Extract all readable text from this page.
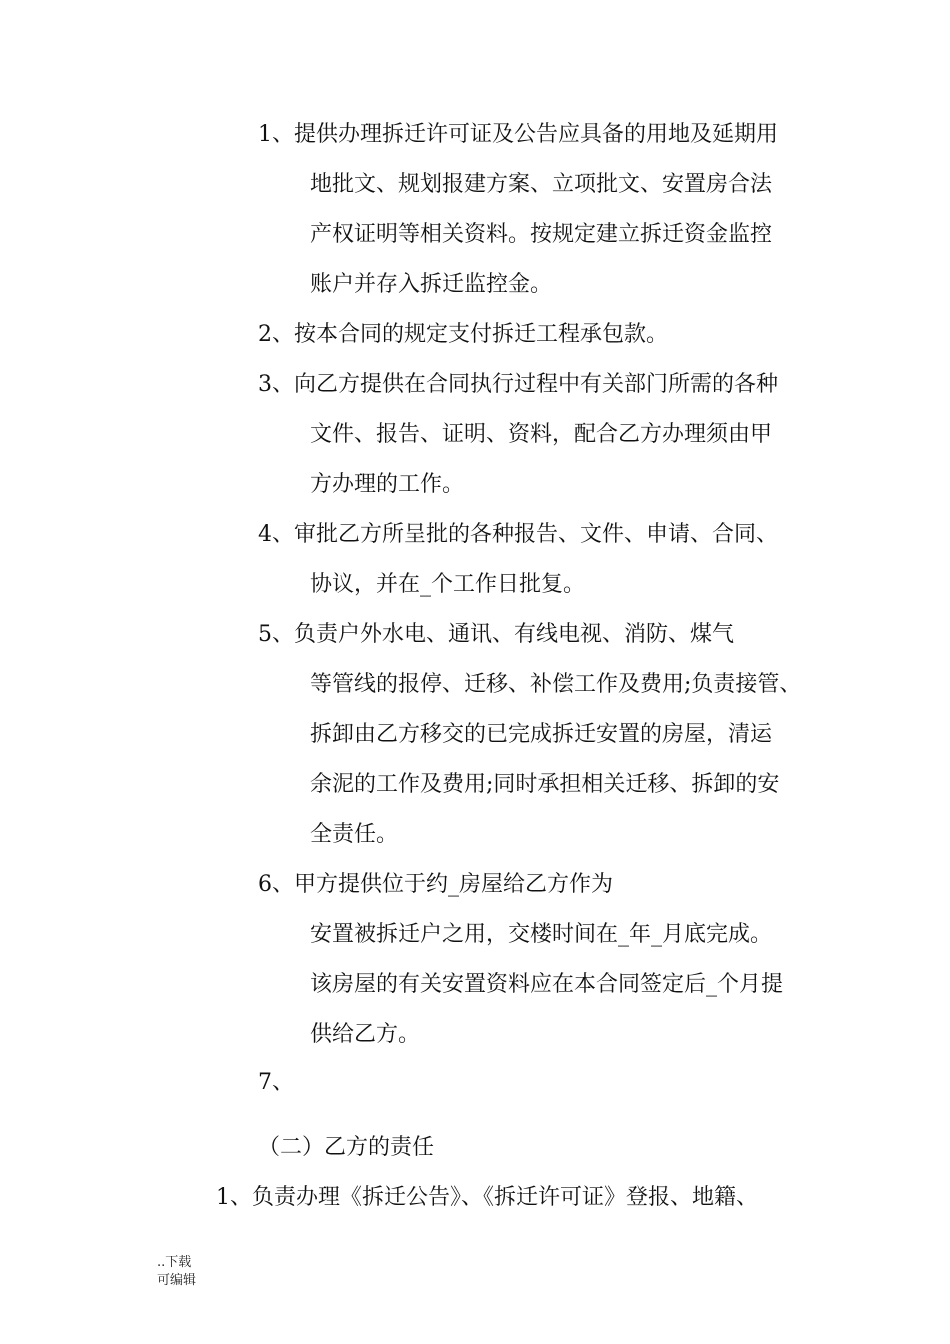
1、提供办理拆迁许可证及公告应具备的用地及延期用

地批文、规划报建方案、立项批文、安置房合法

产权证明等相关资料。按规定建立拆迁资金监控

账户并存入拆迁监控金。

2、按本合同的规定支付拆迁工程承包款。

3、向乙方提供在合同执行过程中有关部门所需的各种

文件、报告、证明、资料，配合乙方办理须由甲

方办理的工作。

4、审批乙方所呈批的各种报告、文件、申请、合同、

协议，并在_个工作日批复。

5、负责户外水电、通讯、有线电视、消防、煤气

等管线的报停、迁移、补偿工作及费用;负责接管、

拆卸由乙方移交的已完成拆迁安置的房屋，清运

余泥的工作及费用;同时承担相关迁移、拆卸的安

全责任。

6、甲方提供位于约_房屋给乙方作为

安置被拆迁户之用，交楼时间在_年_月底完成。

该房屋的有关安置资料应在本合同签定后_个月提

供给乙方。

7、

（二）乙方的责任

1、负责办理《拆迁公告》、《拆迁许可证》登报、地籍、

..下载
可编辑
